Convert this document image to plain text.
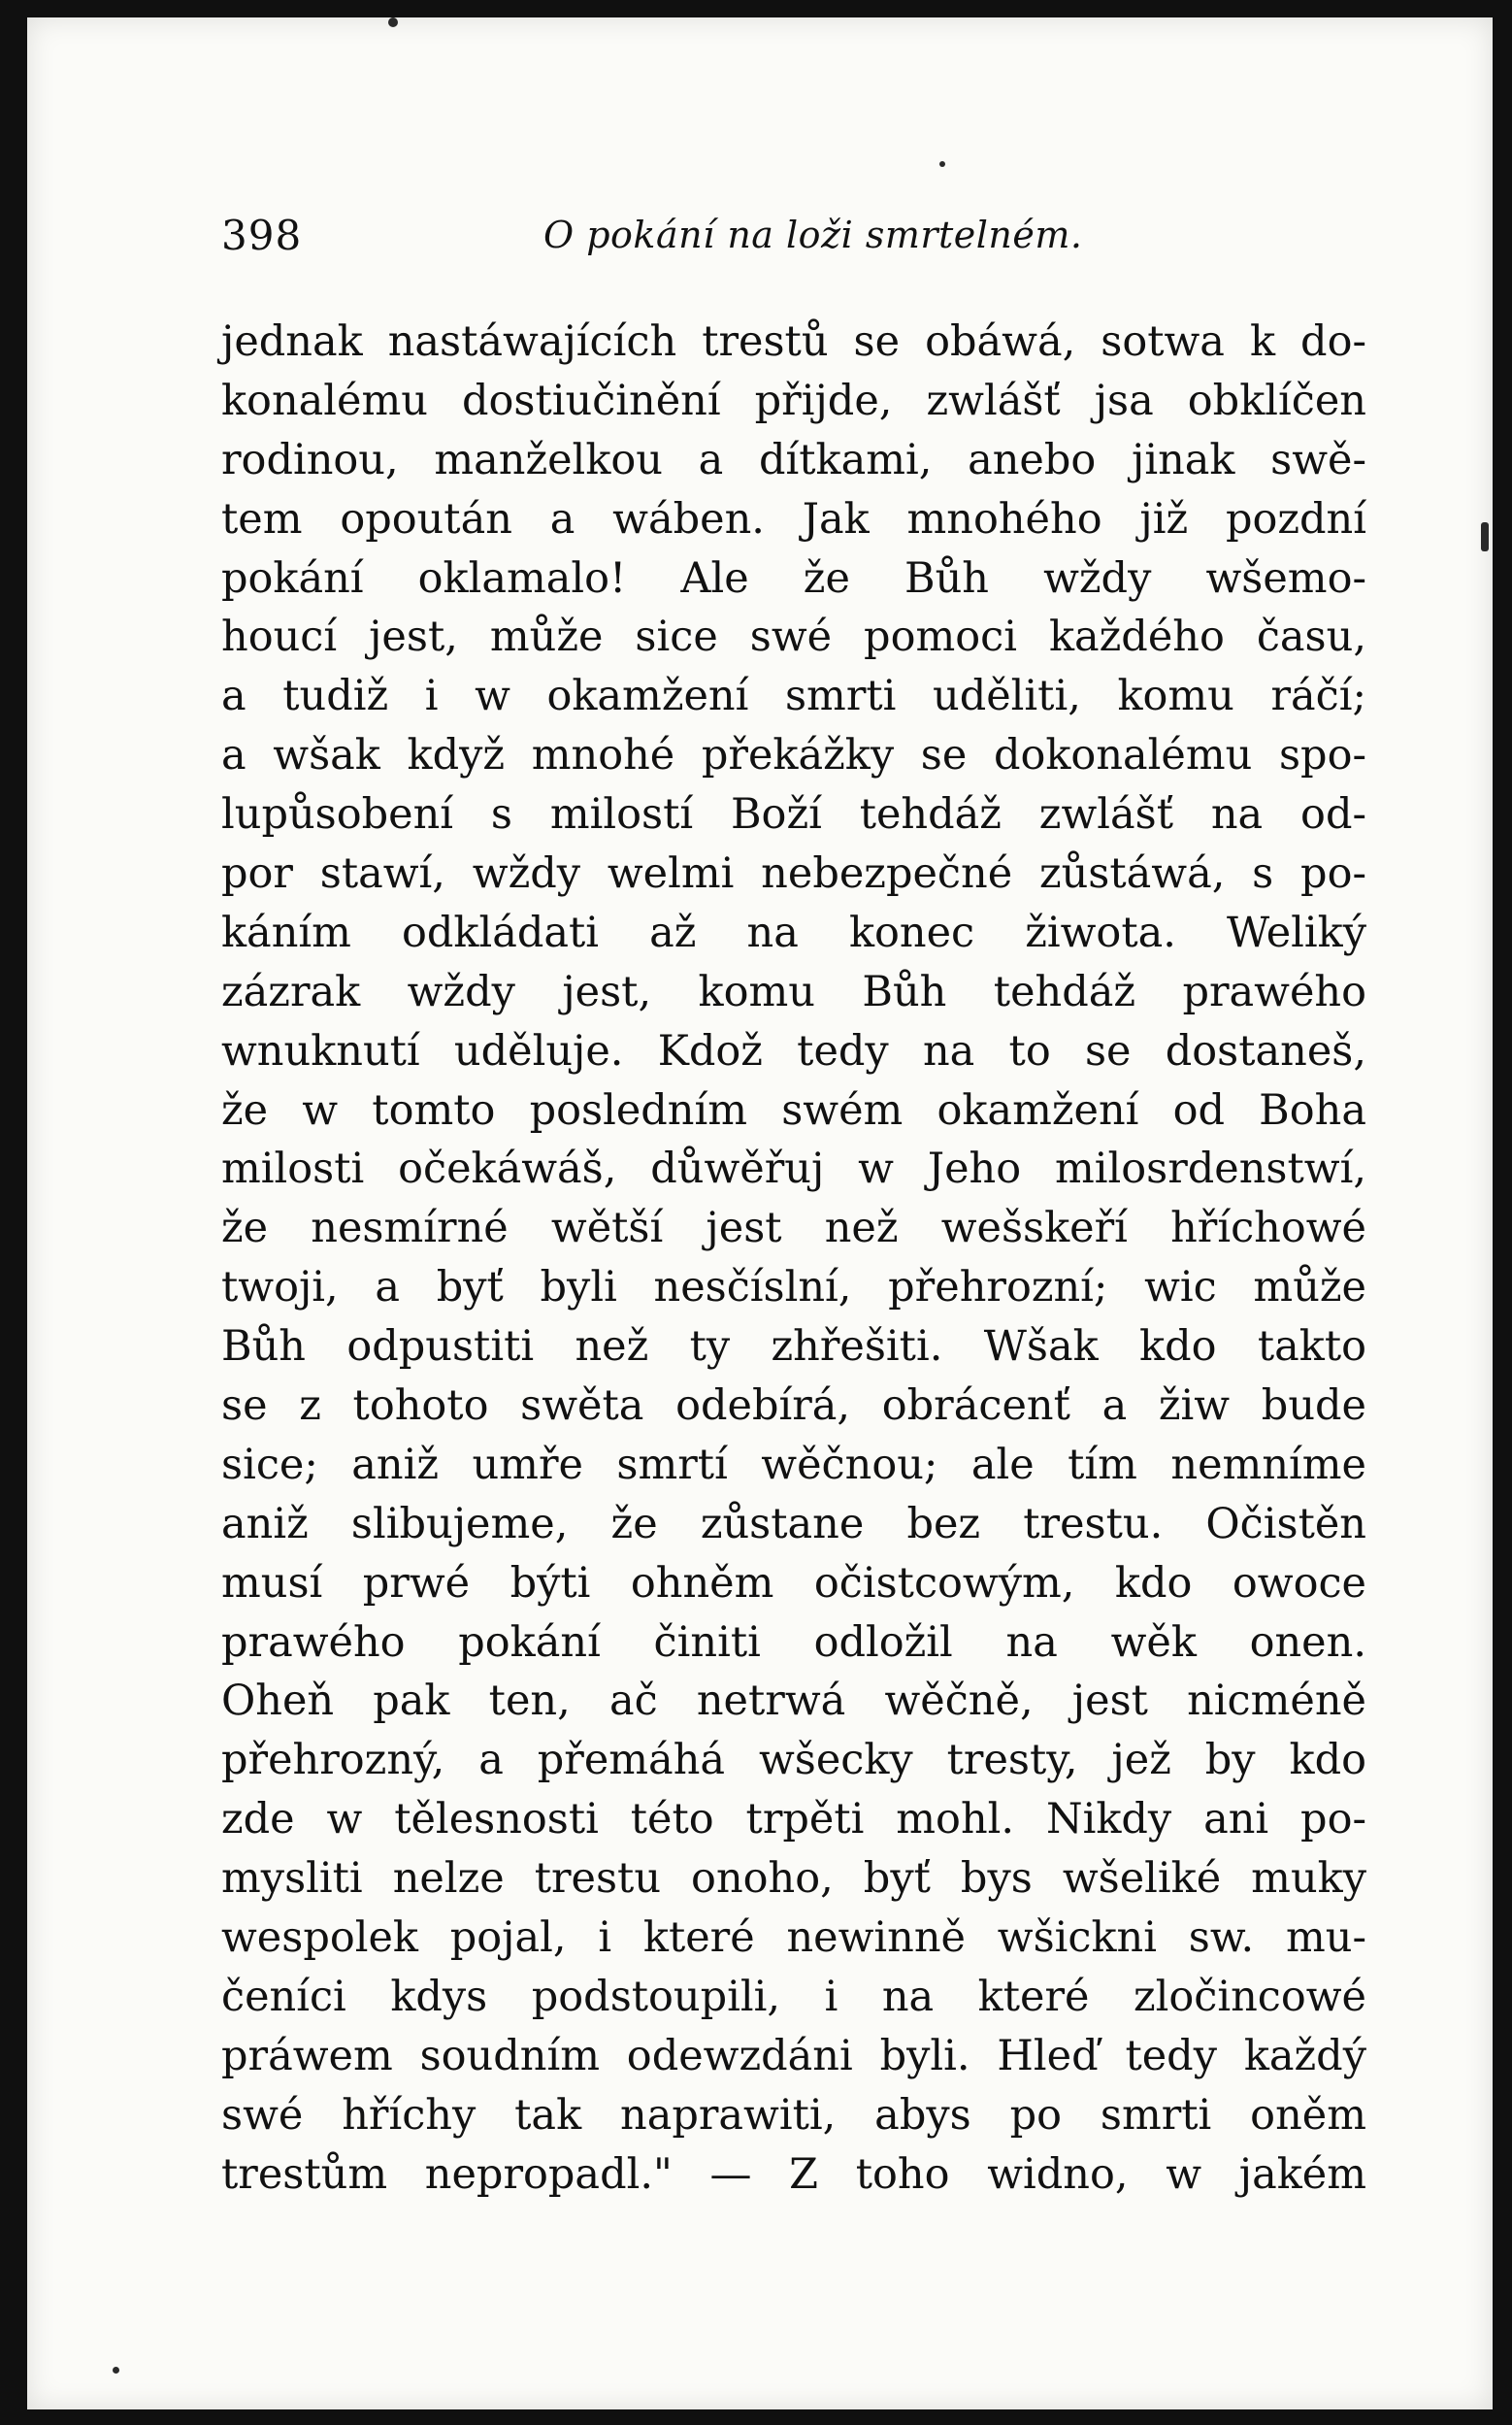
398	O pokání na loži smrtelném.
jednak nastáwajících trestů se obáwá, sotwa k do-
konalému dostiučinění přijde, zwlášť jsa obklíčen
rodinou, manželkou a dítkami, anebo jinak swě-
tem opoután a wáben. Jak mnohého již pozdní
pokání oklamalo! Ale že Bůh wždy wšemo-
houcí jest, může sice swé pomoci každého času,
a tudiž i w okamžení smrti uděliti, komu ráčí;
a wšak když mnohé překážky se dokonalému spo-
lupůsobení s milostí Boží tehdáž zwlášť na od-
por stawí, wždy welmi nebezpečné zůstáwá, s po-
káním odkládati až na konec žiwota. Weliký
zázrak wždy jest, komu Bůh tehdáž prawého
wnuknutí uděluje. Kdož tedy na to se dostaneš,
že w tomto posledním swém okamžení od Boha
milosti očekáwáš, důwěřuj w Jeho milosrdenstwí,
že nesmírné wětší jest než wešskeří hříchowé
twoji, a byť byli nesčíslní, přehrozní; wic může
Bůh odpustiti než ty zhřešiti. Wšak kdo takto
se z tohoto swěta odebírá, obrácenť a žiw bude
sice; aniž umře smrtí wěčnou; ale tím nemníme
aniž slibujeme, že zůstane bez trestu. Očistěn
musí prwé býti ohněm očistcowým, kdo owoce
prawého pokání činiti odložil na wěk onen.
Oheň pak ten, ač netrwá wěčně, jest nicméně
přehrozný, a přemáhá wšecky tresty, jež by kdo
zde w tělesnosti této trpěti mohl. Nikdy ani po-
mysliti nelze trestu onoho, byť bys wšeliké muky
wespolek pojal, i které newinně wšickni sw. mu-
čeníci kdys podstoupili, i na které zločincowé
práwem soudním odewzdáni byli. Hleď tedy každý
swé hříchy tak naprawiti, abys po smrti oněm
trestům nepropadl." — Z toho widno, w jakém
